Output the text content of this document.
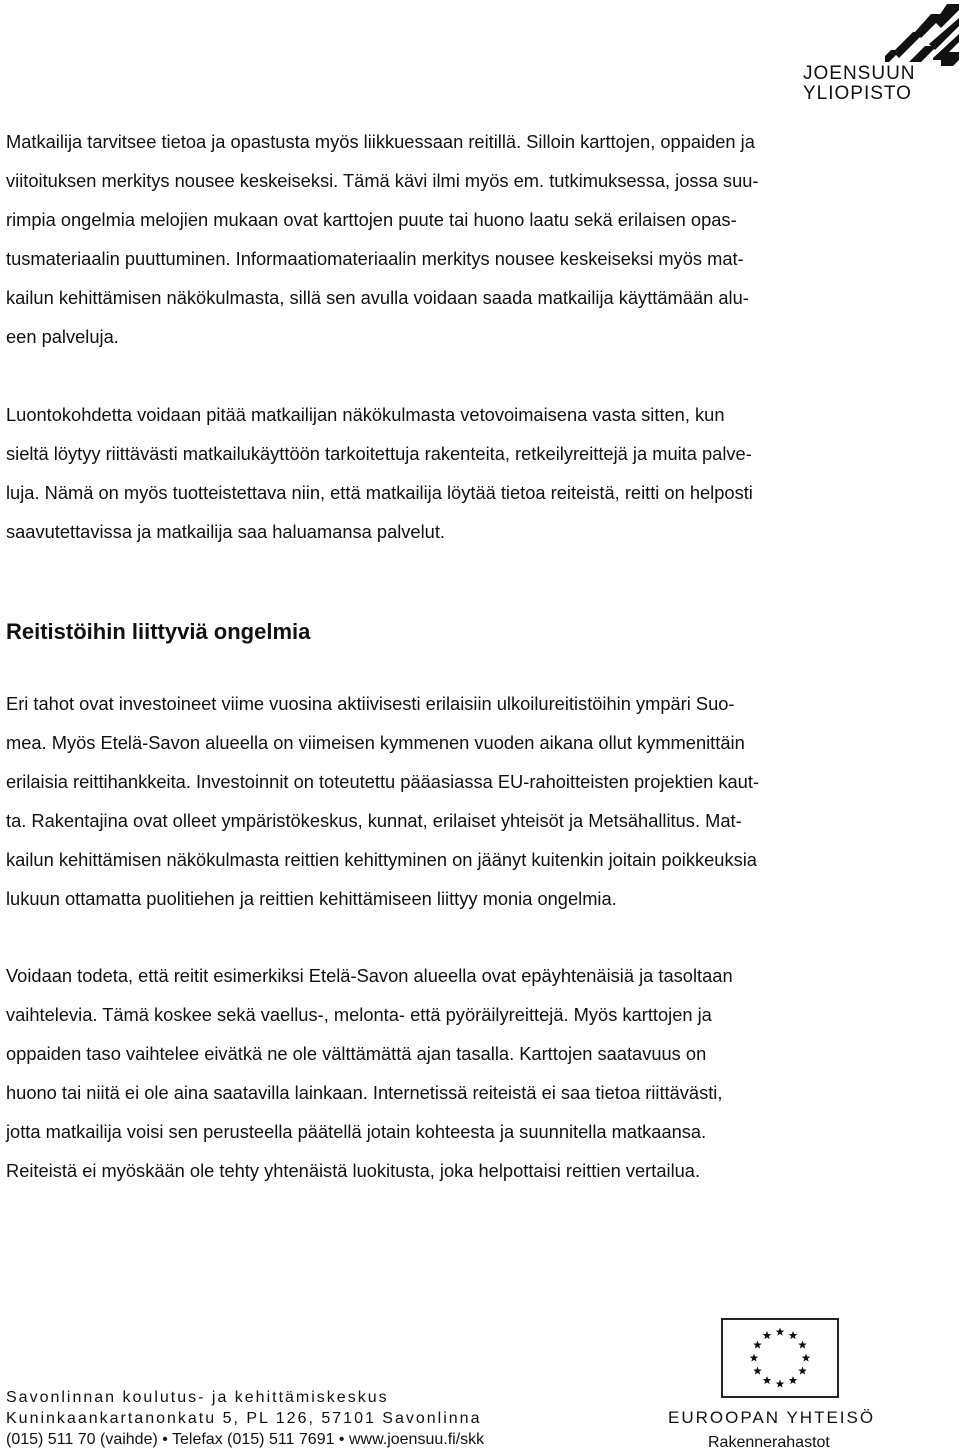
JOENSUUN
YLIOPISTO
Matkailija tarvitsee tietoa ja opastusta myös liikkuessaan reitillä. Silloin karttojen, oppaiden ja
viitoituksen merkitys nousee keskeiseksi. Tämä kävi ilmi myös em. tutkimuksessa, jossa suu-
rimpia ongelmia melojien mukaan ovat karttojen puute tai huono laatu sekä erilaisen opas-
tusmateriaalin puuttuminen. Informaatiomateriaalin merkitys nousee keskeiseksi myös mat-
kailun kehittämisen näkökulmasta, sillä sen avulla voidaan saada matkailija käyttämään alu-
een palveluja.
Luontokohdetta voidaan pitää matkailijan näkökulmasta vetovoimaisena vasta sitten, kun
sieltä löytyy riittävästi matkailukäyttöön tarkoitettuja rakenteita, retkeilyreittejä ja muita palve-
luja. Nämä on myös tuotteistettava niin, että matkailija löytää tietoa reiteistä, reitti on helposti
saavutettavissa ja matkailija saa haluamansa palvelut.
Reitistöihin liittyviä ongelmia
Eri tahot ovat investoineet viime vuosina aktiivisesti erilaisiin ulkoilureitistöihin ympäri Suo-
mea. Myös Etelä-Savon alueella on viimeisen kymmenen vuoden aikana ollut kymmenittäin
erilaisia reittihankkeita. Investoinnit on toteutettu pääasiassa EU-rahoitteisten projektien kaut-
ta. Rakentajina ovat olleet ympäristökeskus, kunnat, erilaiset yhteisöt ja Metsähallitus. Mat-
kailun kehittämisen näkökulmasta reittien kehittyminen on jäänyt kuitenkin joitain poikkeuksia
lukuun ottamatta puolitiehen ja reittien kehittämiseen liittyy monia ongelmia.
Voidaan todeta, että reitit esimerkiksi Etelä-Savon alueella ovat epäyhtenäisiä ja tasoltaan
vaihtelevia. Tämä koskee sekä vaellus-, melonta- että pyöräilyreittejä. Myös karttojen ja
oppaiden taso vaihtelee eivätkä ne ole välttämättä ajan tasalla. Karttojen saatavuus on
huono tai niitä ei ole aina saatavilla lainkaan. Internetissä reiteistä ei saa tietoa riittävästi,
jotta matkailija voisi sen perusteella päätellä jotain kohteesta ja suunnitella matkaansa.
Reiteistä ei myöskään ole tehty yhtenäistä luokitusta, joka helpottaisi reittien vertailua.
Savonlinnan koulutus- ja kehittämiskeskus
Kuninkaankartanonkatu 5, PL 126, 57101 Savonlinna
(015) 511 70 (vaihde) • Telefax (015) 511 7691 • www.joensuu.fi/skk
EUROOPAN YHTEISÖ
Rakennerahastot
